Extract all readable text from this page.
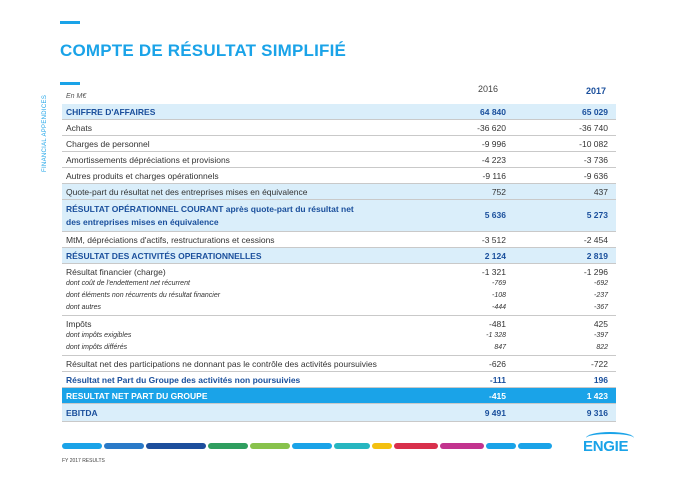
COMPTE DE RÉSULTAT SIMPLIFIÉ
FINANCIAL APPENDICES	En M€
2016	2017
CHIFFRE D'AFFAIRES	64 840	65 029
Achats	-36 620	-36 740
Charges de personnel	-9 996	-10 082
Amortissements dépréciations et provisions	-4 223	-3 736
Autres produits et charges opérationnels	-9 116	-9 636
Quote-part du résultat net des entreprises mises en équivalence	752	437
RÉSULTAT OPÉRATIONNEL COURANT après quote-part du résultat net
des entreprises mises en équivalence
5 636	5 273
MtM, dépréciations d'actifs, restructurations et cessions	-3 512	-2 454
RÉSULTAT DES ACTIVITÉS OPERATIONNELLES	2 124	2 819
Résultat financier (charge)	-1 321	-1 296
dont coût de l'endettement net récurrent	-769	-692
dont éléments non récurrents du résultat financier	-108	-237
dont autres	-444	-367
Impôts	-481	425
dont impôts exigibles	-1 328	-397
dont impôts différés	847	822
Résultat net des participations ne donnant pas le contrôle des activités poursuivies	-626	-722
Résultat net Part du Groupe des activités non poursuivies	-111	196
RESULTAT NET PART DU GROUPE	-415	1 423
EBITDA	9 491	9 316
FY 2017 RESULTS
ENGIE
